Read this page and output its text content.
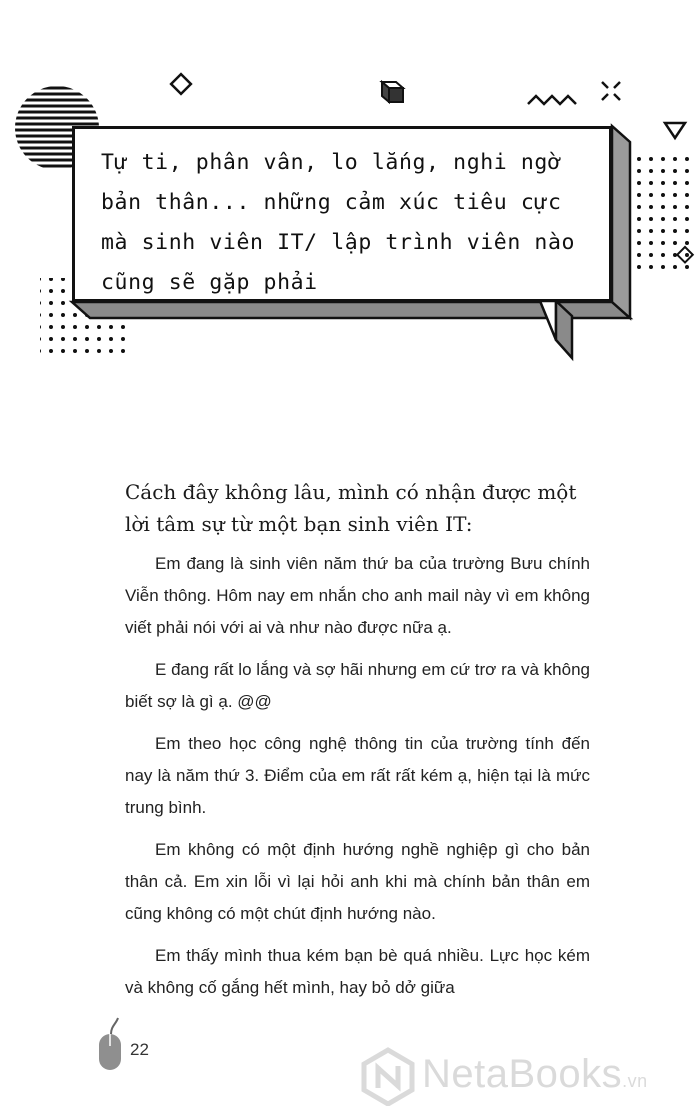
Tự ti, phân vân, lo lắng, nghi ngờ
bản thân... những cảm xúc tiêu cực
mà sinh viên IT/ lập trình viên nào
cũng sẽ gặp phải
Cách đây không lâu, mình có nhận được một lời tâm sự từ một bạn sinh viên IT:

Em đang là sinh viên năm thứ ba của trường Bưu chính Viễn thông. Hôm nay em nhắn cho anh mail này vì em không viết phải nói với ai và như nào được nữa ạ.

E đang rất lo lắng và sợ hãi nhưng em cứ trơ ra và không biết sợ là gì ạ. @@

Em theo học công nghệ thông tin của trường tính đến nay là năm thứ 3. Điểm của em rất rất kém ạ, hiện tại là mức trung bình.

Em không có một định hướng nghề nghiệp gì cho bản thân cả. Em xin lỗi vì lại hỏi anh khi mà chính bản thân em cũng không có một chút định hướng nào.

Em thấy mình thua kém bạn bè quá nhiều. Lực học kém và không cố gắng hết mình, hay bỏ dở giữa

22
NetaBooks.vn
